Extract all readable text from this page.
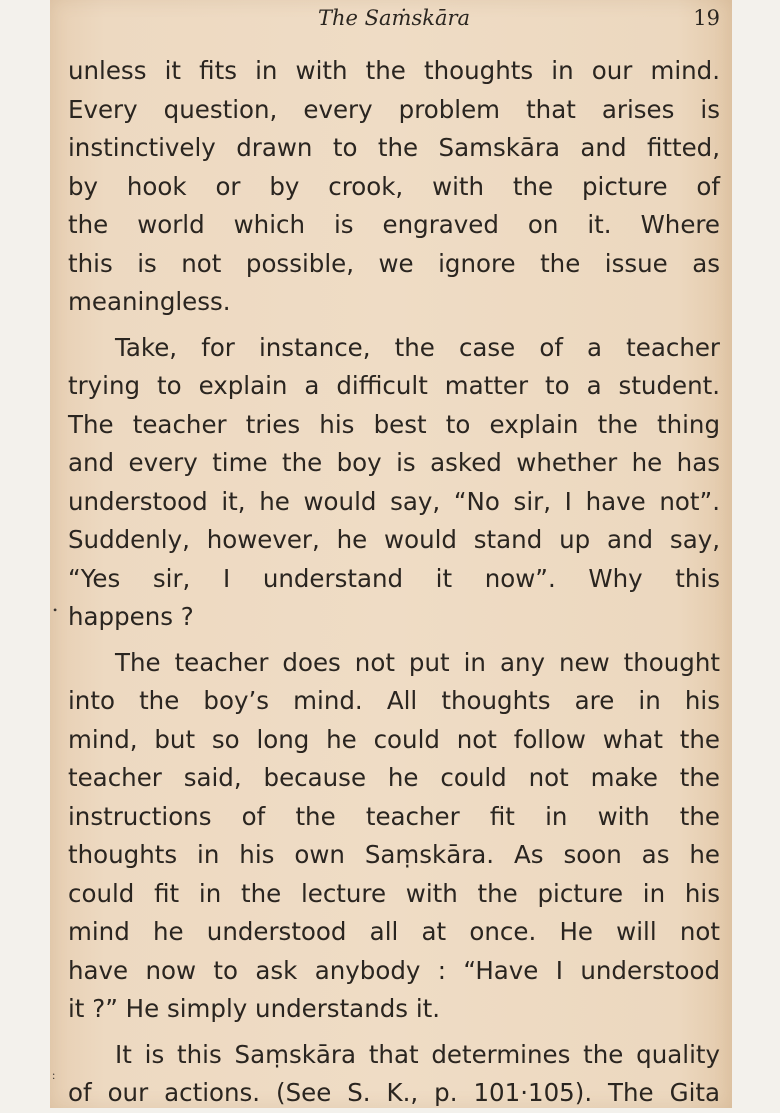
The Saṁskāra	19
•
:
unless it fits in with the thoughts in our mind.
Every question, every problem that arises is
instinctively drawn to the Samskāra and fitted,
by hook or by crook, with the picture of
the world which is engraved on it. Where
this is not possible, we ignore the issue as
meaningless.
Take, for instance, the case of a teacher
trying to explain a difficult matter to a student.
The teacher tries his best to explain the thing
and every time the boy is asked whether he has
understood it, he would say, “No sir, I have not”.
Suddenly, however, he would stand up and say,
“Yes sir, I understand it now”. Why this
happens ?
The teacher does not put in any new thought
into the boy’s mind. All thoughts are in his
mind, but so long he could not follow what the
teacher said, because he could not make the
instructions of the teacher fit in with the
thoughts in his own Saṃskāra. As soon as he
could fit in the lecture with the picture in his
mind he understood all at once. He will not
have now to ask anybody : “Have I understood
it ?” He simply understands it.
It is this Saṃskāra that determines the quality
of our actions. (See S. K., p. 101·105). The Gita
